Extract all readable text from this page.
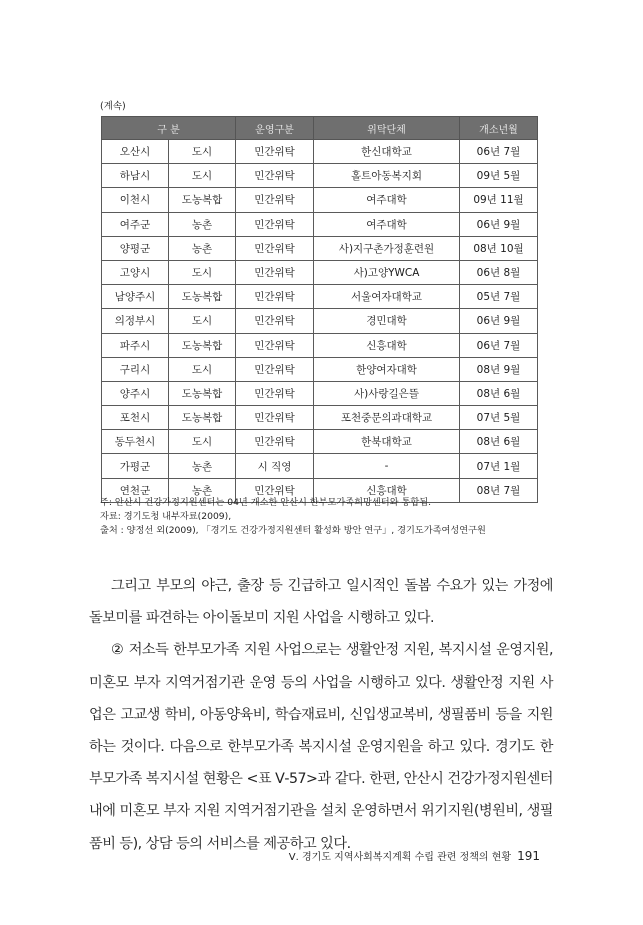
(계속)
구 분		운영구분	위탁단체	개소년월
오산시	도시	민간위탁	한신대학교	06년 7월
하남시	도시	민간위탁	홀트아동복지회	09년 5월
이천시	도농복합	민간위탁	여주대학	09년 11월
여주군	농촌	민간위탁	여주대학	06년 9월
양평군	농촌	민간위탁	사)지구촌가정훈련원	08년 10월
고양시	도시	민간위탁	사)고양YWCA	06년 8월
남양주시	도농복합	민간위탁	서울여자대학교	05년 7월
의정부시	도시	민간위탁	경민대학	06년 9월
파주시	도농복합	민간위탁	신흥대학	06년 7월
구리시	도시	민간위탁	한양여자대학	08년 9월
양주시	도농복합	민간위탁	사)사랑길은뜰	08년 6월
포천시	도농복합	민간위탁	포천중문의과대학교	07년 5월
동두천시	도시	민간위탁	한북대학교	08년 6월
가평군	농촌	시 직영	-	07년 1월
연천군	농촌	민간위탁	신흥대학	08년 7월
주: 안산시 건강가정지원센터는 04년 개소한 안산시 한부모가족희망센터와 통합됨.
자료: 경기도청 내부자료(2009),
출처 : 양정선 외(2009), 「경기도 건강가정지원센터 활성화 방안 연구」, 경기도가족여성연구원

그리고 부모의 야근, 출장 등 긴급하고 일시적인 돌봄 수요가 있는 가정에 돌보미를 파견하는 아이돌보미 지원 사업을 시행하고 있다.

② 저소득 한부모가족 지원 사업으로는 생활안정 지원, 복지시설 운영지원, 미혼모 부자 지역거점기관 운영 등의 사업을 시행하고 있다. 생활안정 지원 사업은 고교생 학비, 아동양육비, 학습재료비, 신입생교복비, 생필품비 등을 지원하는 것이다. 다음으로 한부모가족 복지시설 운영지원을 하고 있다. 경기도 한부모가족 복지시설 현황은 <표 Ⅴ-57>과 같다. 한편, 안산시 건강가정지원센터 내에 미혼모 부자 지원 지역거점기관을 설치 운영하면서 위기지원(병원비, 생필품비 등), 상담 등의 서비스를 제공하고 있다.

Ⅴ. 경기도 지역사회복지계획 수립 관련 정책의 현황 191
